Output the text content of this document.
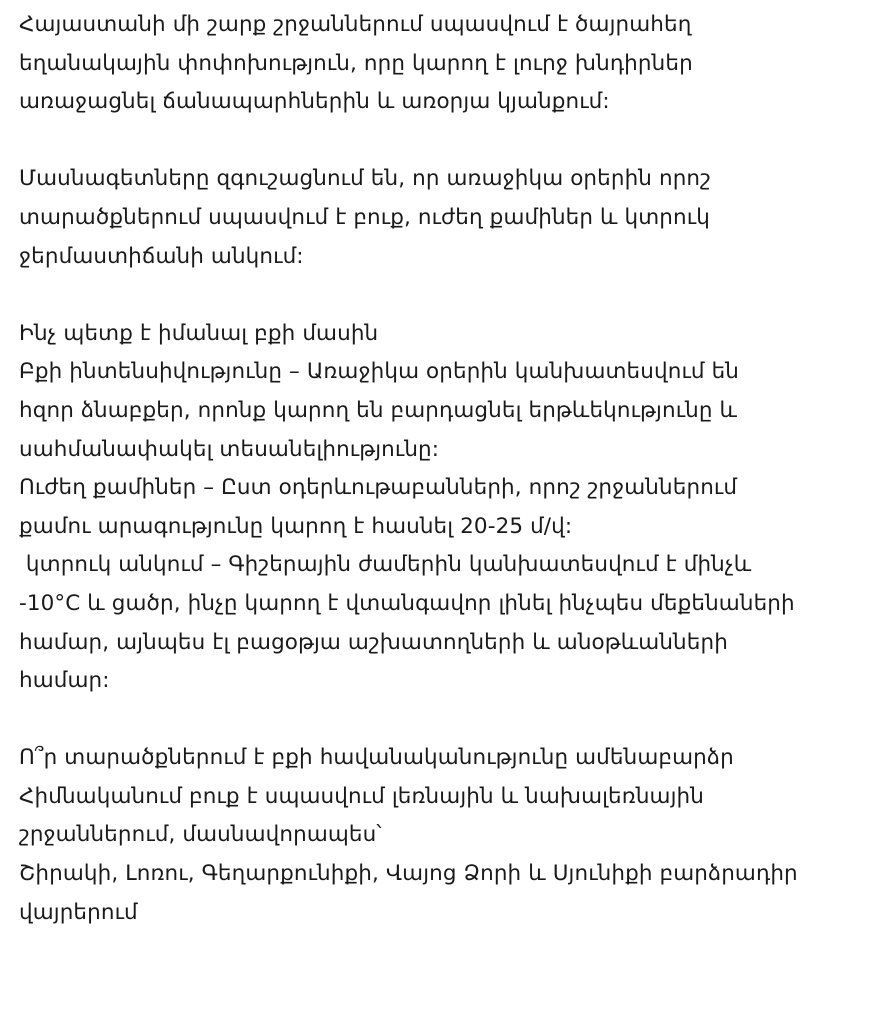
Հայաստանի մի շարք շրջաններում սպասվում է ծայրահեղ
եղանակային փոփոխություն, որը կարող է լուրջ խնդիրներ
առաջացնել ճանապարհներին և առօրյա կյանքում:
Մասնագետները զգուշացնում են, որ առաջիկա օրերին որոշ
տարածքներում սպասվում է բուք, ուժեղ քամիներ և կտրուկ
ջերմաստիճանի անկում:
Ինչ պետք է իմանալ բքի մասին
Բքի ինտենսիվությունը – Առաջիկա օրերին կանխատեսվում են
հզոր ձնաբքեր, որոնք կարող են բարդացնել երթևեկությունը և
սահմանափակել տեսանելիությունը:
Ուժեղ քամիներ – Ըստ օդերևութաբանների, որոշ շրջաններում
քամու արագությունը կարող է հասնել 20-25 մ/վ:
կտրուկ անկում – Գիշերային ժամերին կանխատեսվում է մինչև
-10°C և ցածր, ինչը կարող է վտանգավոր լինել ինչպես մեքենաների
համար, այնպես էլ բացօթյա աշխատողների և անօթևանների
համար:
Ո՞ր տարածքներում է բքի հավանականությունը ամենաբարձր
Հիմնականում բուք է սպասվում լեռնային և նախալեռնային
շրջաններում, մասնավորապես՝
Շիրակի, Լոռու, Գեղարքունիքի, Վայոց Ձորի և Սյունիքի բարձրադիր
վայրերում
